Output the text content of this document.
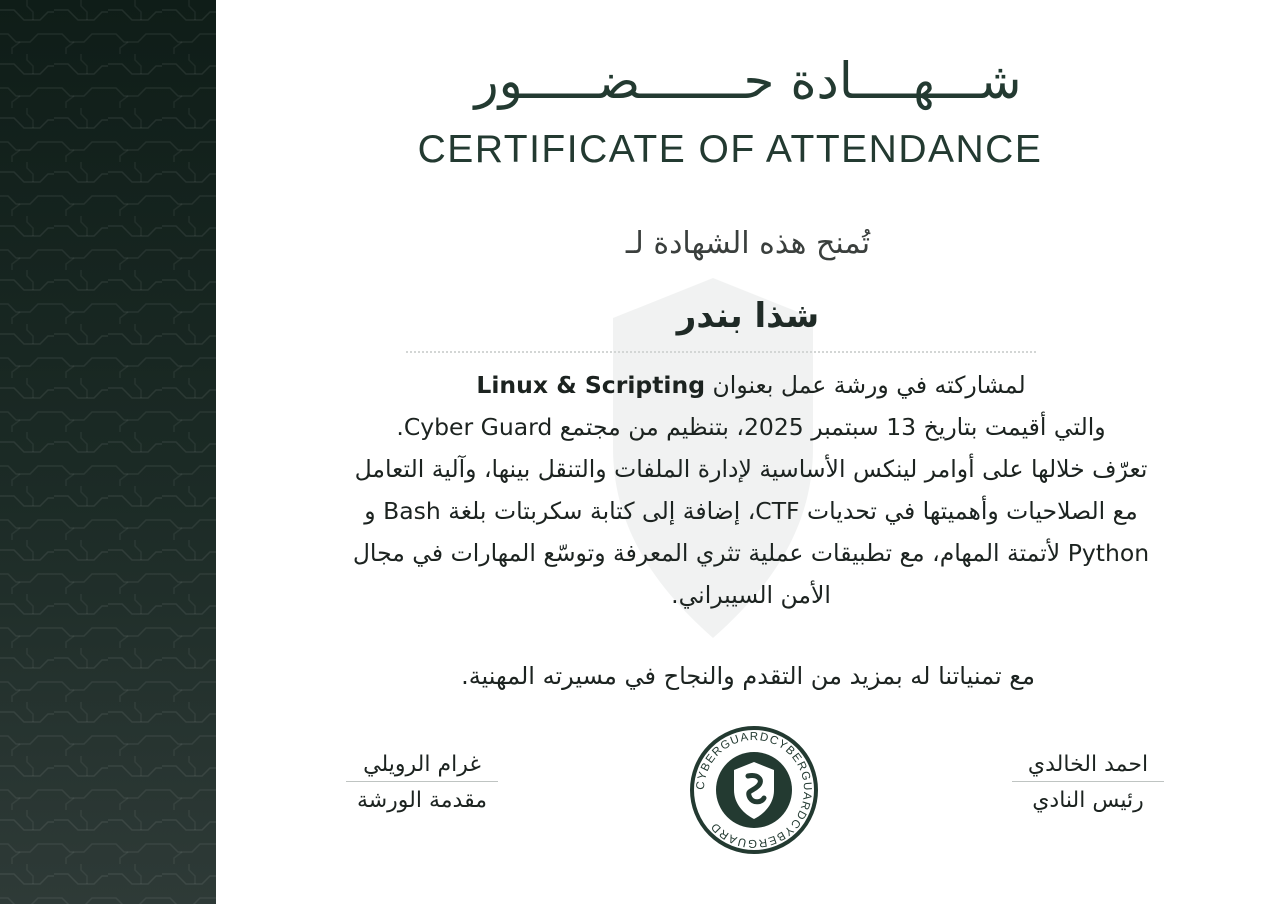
شـــهــــادة حـــــــضـــــور
CERTIFICATE OF ATTENDANCE
تُمنح هذه الشهادة لـ
شذا بندر

لمشاركته في ورشة عمل بعنوان Linux & Scripting

والتي أقيمت بتاريخ 13 سبتمبر 2025، بتنظيم من مجتمع Cyber Guard.

تعرّف خلالها على أوامر لينكس الأساسية لإدارة الملفات والتنقل بينها، وآلية التعامل

مع الصلاحيات وأهميتها في تحديات CTF، إضافة إلى كتابة سكربتات بلغة Bash و

Python لأتمتة المهام، مع تطبيقات عملية تثري المعرفة وتوسّع المهارات في مجال

الأمن السيبراني.

مع تمنياتنا له بمزيد من التقدم والنجاح في مسيرته المهنية.
غرام الرويلي
مقدمة الورشة
CYBERGUARDCYBERGUARDCYBERGUARD
احمد الخالدي
رئيس النادي
